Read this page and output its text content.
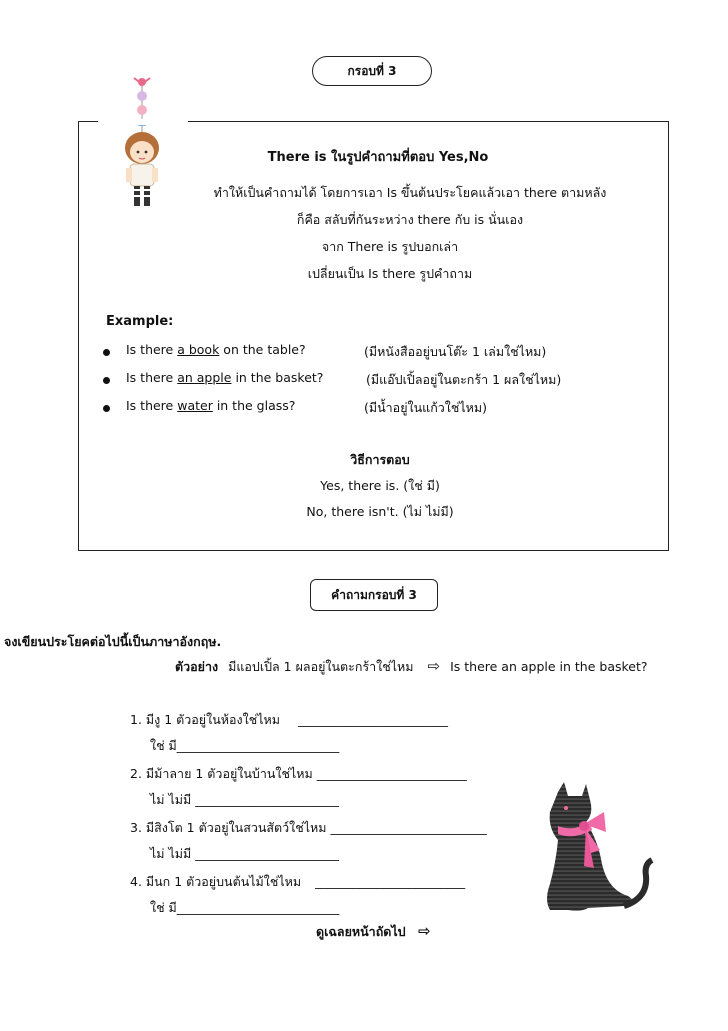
กรอบที่ 3
There is ในรูปคำถามที่ตอบ Yes,No
ทำให้เป็นคำถามได้ โดยการเอา Is ขึ้นต้นประโยคแล้วเอา there ตามหลัง
ก็คือ สลับที่กันระหว่าง there กับ is นั่นเอง
จาก There is รูปบอกเล่า
เปลี่ยนเป็น Is there รูปคำถาม
Example:
Is there a book on the table?	(มีหนังสืออยู่บนโต๊ะ 1 เล่มใช่ไหม)
Is there an apple in the basket?	(มีแอ๊ปเปิ้ลอยู่ในตะกร้า 1 ผลใช่ไหม)
Is there water in the glass?	(มีน้ำอยู่ในแก้วใช่ไหม)
วิธีการตอบ
Yes, there is. (ใช่ มี)
No, there isn't. (ไม่ ไม่มี)
คำถามกรอบที่ 3
จงเขียนประโยคต่อไปนี้เป็นภาษาอังกฤษ.
ตัวอย่าง มีแอปเปิ้ล 1 ผลอยู่ในตะกร้าใช่ไหม ⇨ Is there an apple in the basket?
1. มีงู 1 ตัวอยู่ในห้องใช่ไหม ________________________
ใช่ มี__________________________
2. มีม้าลาย 1 ตัวอยู่ในบ้านใช่ไหม ________________________
ไม่ ไม่มี _______________________
3. มีสิงโต 1 ตัวอยู่ในสวนสัตว์ใช่ไหม _________________________
ไม่ ไม่มี _______________________
4. มีนก 1 ตัวอยู่บนต้นไม้ใช่ไหม ________________________
ใช่ มี__________________________
ดูเฉลยหน้าถัดไป ⇨
